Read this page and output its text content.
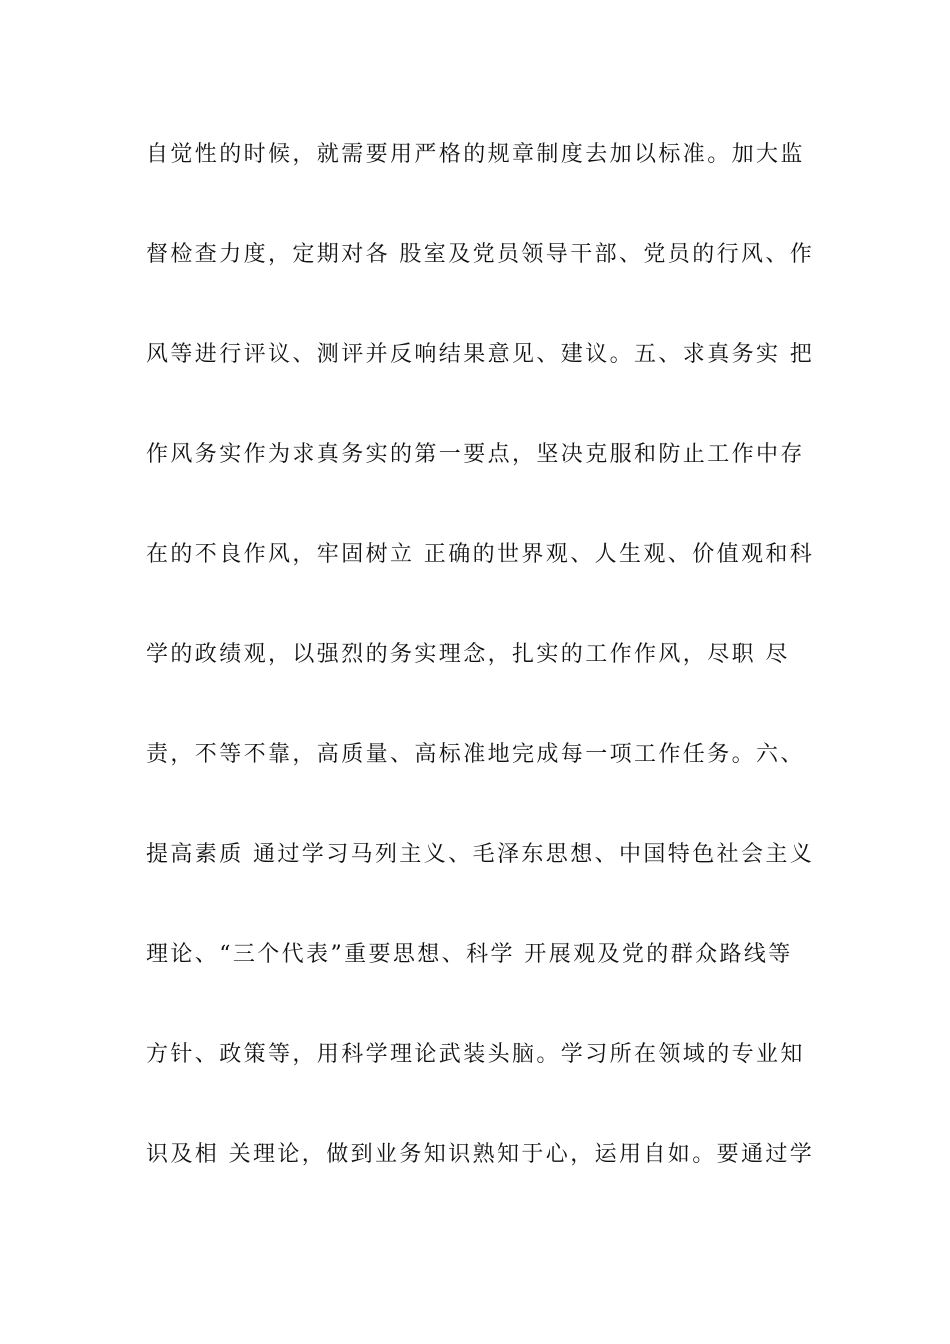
自觉性的时候，就需要用严格的规章制度去加以标准。加大监
督检查力度，定期对各 股室及党员领导干部、党员的行风、作
风等进行评议、测评并反响结果意见、建议。五、求真务实 把
作风务实作为求真务实的第一要点，坚决克服和防止工作中存
在的不良作风，牢固树立 正确的世界观、人生观、价值观和科
学的政绩观，以强烈的务实理念，扎实的工作作风，尽职 尽
责，不等不靠，高质量、高标准地完成每一项工作任务。六、
提高素质 通过学习马列主义、毛泽东思想、中国特色社会主义
理论、“三个代表”重要思想、科学 开展观及党的群众路线等
方针、政策等，用科学理论武装头脑。学习所在领域的专业知
识及相 关理论，做到业务知识熟知于心，运用自如。要通过学
